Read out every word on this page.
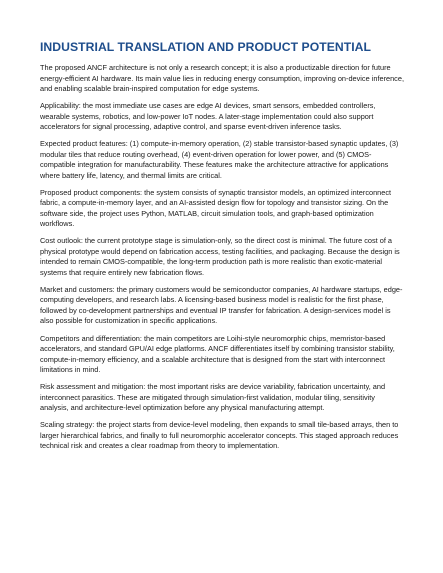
INDUSTRIAL TRANSLATION AND PRODUCT POTENTIAL

The proposed ANCF architecture is not only a research concept; it is also a productizable direction for future energy-efficient AI hardware. Its main value lies in reducing energy consumption, improving on-device inference, and enabling scalable brain-inspired computation for edge systems.

Applicability: the most immediate use cases are edge AI devices, smart sensors, embedded controllers, wearable systems, robotics, and low-power IoT nodes. A later-stage implementation could also support accelerators for signal processing, adaptive control, and sparse event-driven inference tasks.

Expected product features: (1) compute-in-memory operation, (2) stable transistor-based synaptic updates, (3) modular tiles that reduce routing overhead, (4) event-driven operation for lower power, and (5) CMOS-compatible integration for manufacturability. These features make the architecture attractive for applications where battery life, latency, and thermal limits are critical.

Proposed product components: the system consists of synaptic transistor models, an optimized interconnect fabric, a compute-in-memory layer, and an AI-assisted design flow for topology and transistor sizing. On the software side, the project uses Python, MATLAB, circuit simulation tools, and graph-based optimization workflows.

Cost outlook: the current prototype stage is simulation-only, so the direct cost is minimal. The future cost of a physical prototype would depend on fabrication access, testing facilities, and packaging. Because the design is intended to remain CMOS-compatible, the long-term production path is more realistic than exotic-material systems that require entirely new fabrication flows.

Market and customers: the primary customers would be semiconductor companies, AI hardware startups, edge-computing developers, and research labs. A licensing-based business model is realistic for the first phase, followed by co-development partnerships and eventual IP transfer for fabrication. A design-services model is also possible for customization in specific applications.

Competitors and differentiation: the main competitors are Loihi-style neuromorphic chips, memristor-based accelerators, and standard GPU/AI edge platforms. ANCF differentiates itself by combining transistor stability, compute-in-memory efficiency, and a scalable architecture that is designed from the start with interconnect limitations in mind.

Risk assessment and mitigation: the most important risks are device variability, fabrication uncertainty, and interconnect parasitics. These are mitigated through simulation-first validation, modular tiling, sensitivity analysis, and architecture-level optimization before any physical manufacturing attempt.

Scaling strategy: the project starts from device-level modeling, then expands to small tile-based arrays, then to larger hierarchical fabrics, and finally to full neuromorphic accelerator concepts. This staged approach reduces technical risk and creates a clear roadmap from theory to implementation.
